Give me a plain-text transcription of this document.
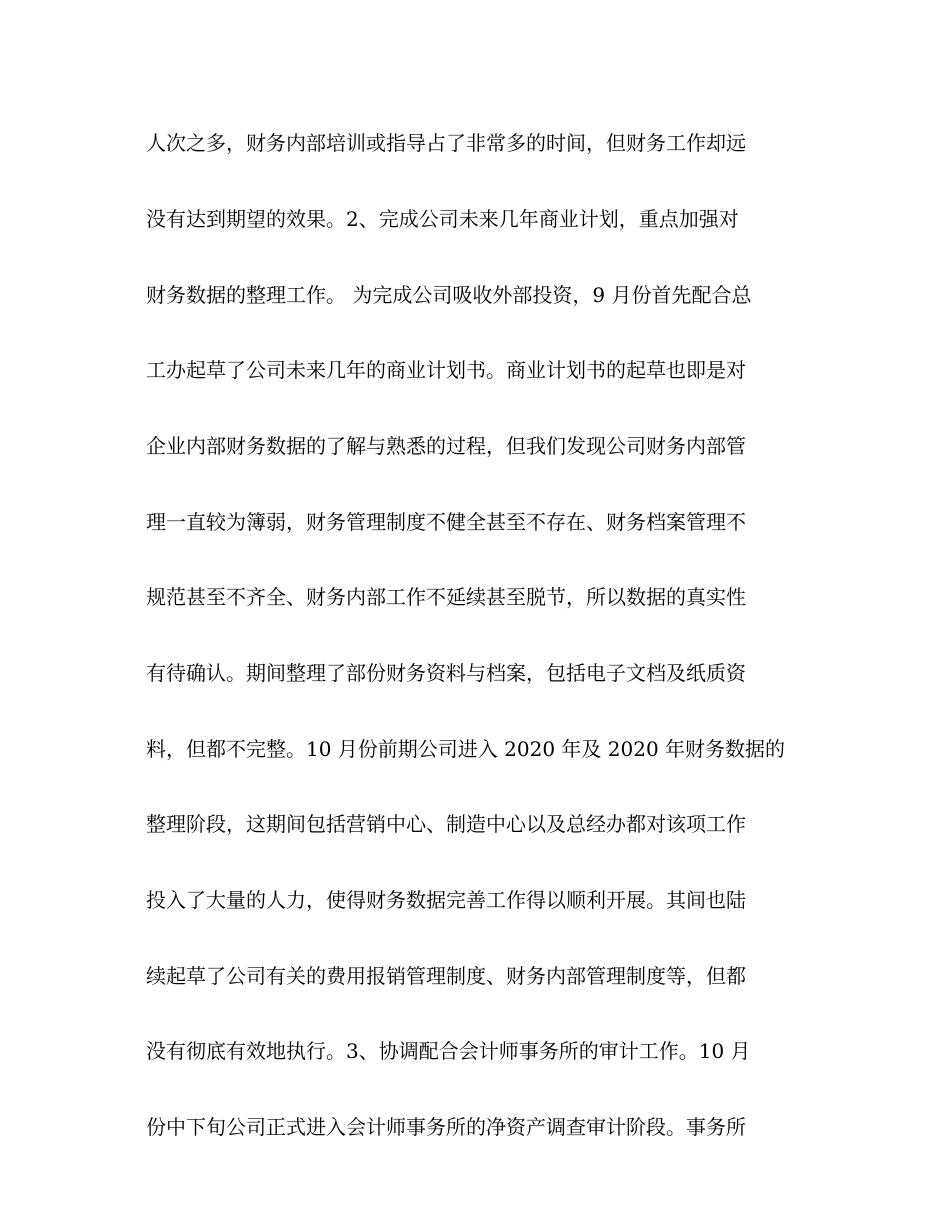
人次之多，财务内部培训或指导占了非常多的时间，但财务工作却远
没有达到期望的效果。2、完成公司未来几年商业计划，重点加强对
财务数据的整理工作。 为完成公司吸收外部投资，9 月份首先配合总
工办起草了公司未来几年的商业计划书。商业计划书的起草也即是对
企业内部财务数据的了解与熟悉的过程，但我们发现公司财务内部管
理一直较为簿弱，财务管理制度不健全甚至不存在、财务档案管理不
规范甚至不齐全、财务内部工作不延续甚至脱节，所以数据的真实性
有待确认。期间整理了部份财务资料与档案，包括电子文档及纸质资
料，但都不完整。10 月份前期公司进入 2020 年及 2020 年财务数据的
整理阶段，这期间包括营销中心、制造中心以及总经办都对该项工作
投入了大量的人力，使得财务数据完善工作得以顺利开展。其间也陆
续起草了公司有关的费用报销管理制度、财务内部管理制度等，但都
没有彻底有效地执行。3、协调配合会计师事务所的审计工作。10 月
份中下旬公司正式进入会计师事务所的净资产调查审计阶段。事务所
